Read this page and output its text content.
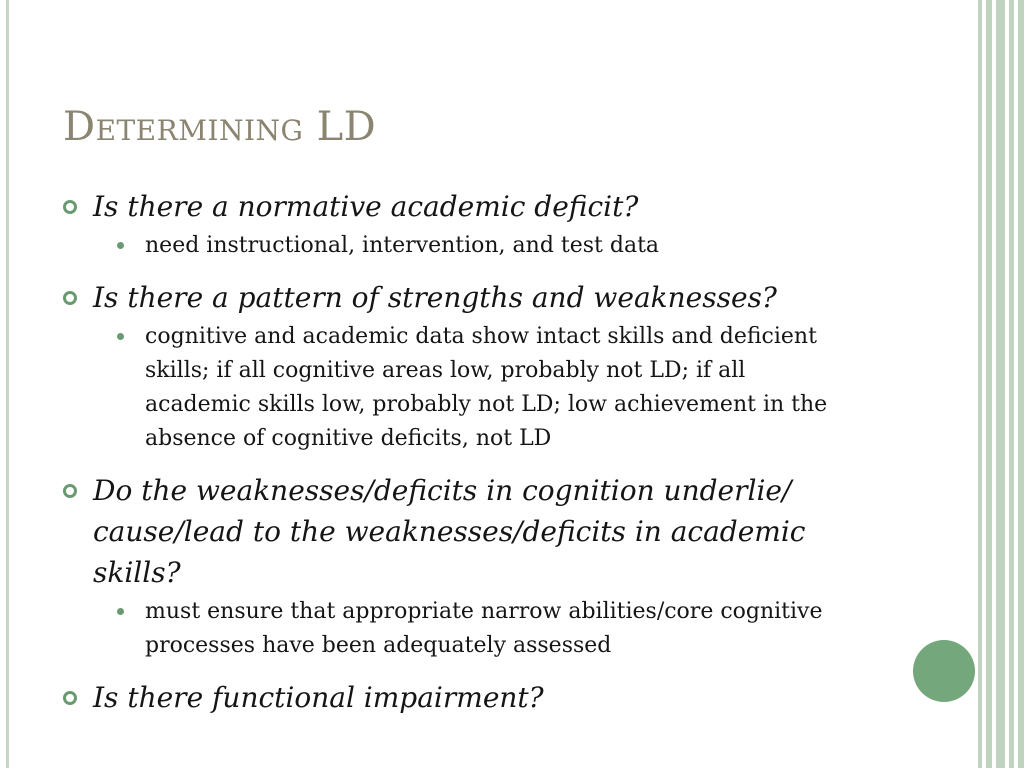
Determining LD
Is there a normative academic deficit?
need instructional, intervention, and test data
Is there a pattern of strengths and weaknesses?
cognitive and academic data show intact skills and deficient skills; if all cognitive areas low, probably not LD; if all academic skills low, probably not LD; low achievement in the absence of cognitive deficits, not LD
Do the weaknesses/deficits in cognition underlie/ cause/lead to the weaknesses/deficits in academic skills?
must ensure that appropriate narrow abilities/core cognitive processes have been adequately assessed
Is there functional impairment?
